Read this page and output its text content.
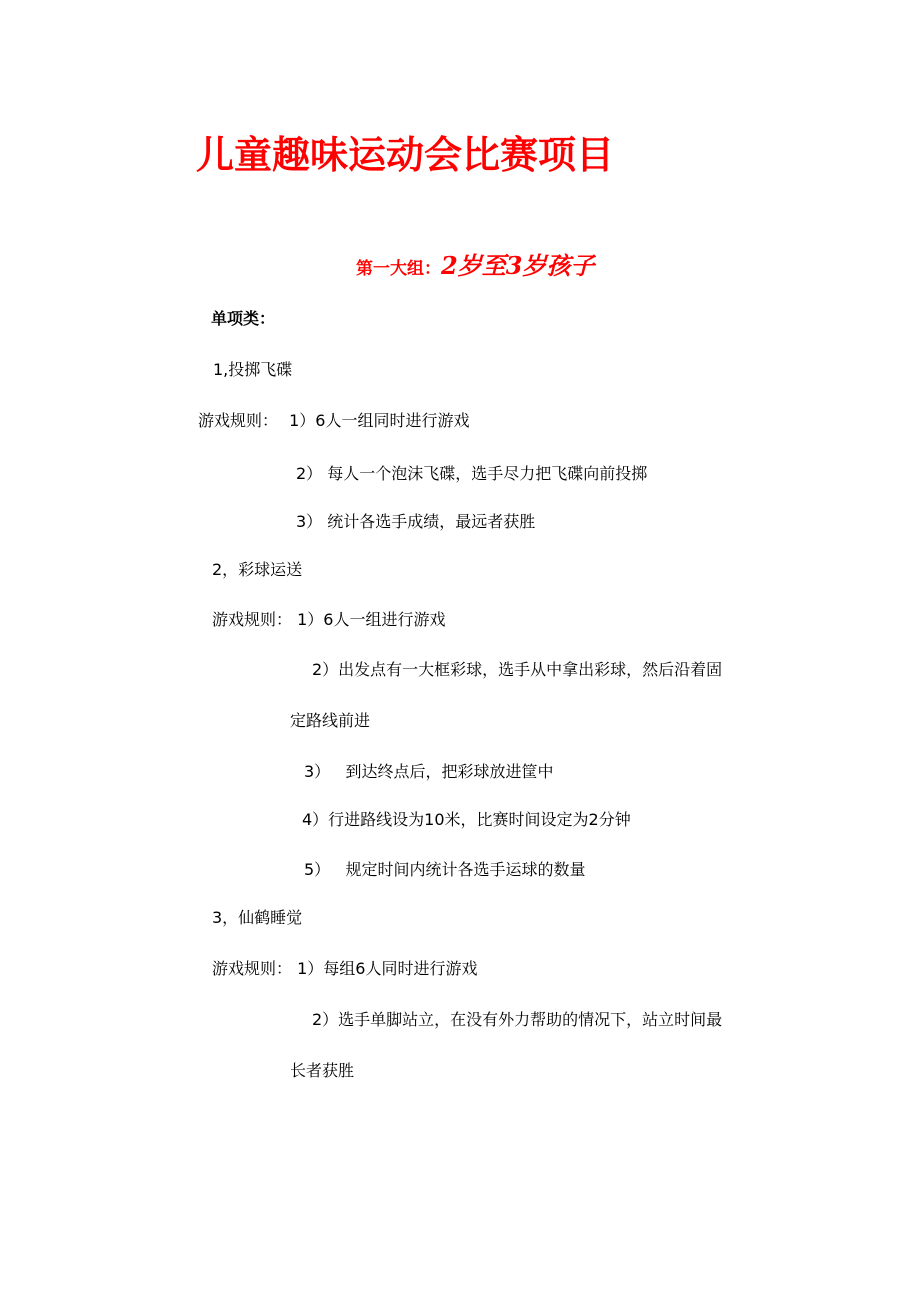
儿童趣味运动会比赛项目
第一大组：2岁至3岁孩子
单项类：
1,投掷飞碟
游戏规则： 1）6人一组同时进行游戏
2） 每人一个泡沫飞碟，选手尽力把飞碟向前投掷
3） 统计各选手成绩，最远者获胜
2，彩球运送
游戏规则： 1）6人一组进行游戏
2）出发点有一大框彩球，选手从中拿出彩球，然后沿着固
定路线前进
3）   到达终点后，把彩球放进筐中
4）行进路线设为10米，比赛时间设定为2分钟
5）   规定时间内统计各选手运球的数量
3，仙鹤睡觉
游戏规则： 1）每组6人同时进行游戏
2）选手单脚站立，在没有外力帮助的情况下，站立时间最
长者获胜
